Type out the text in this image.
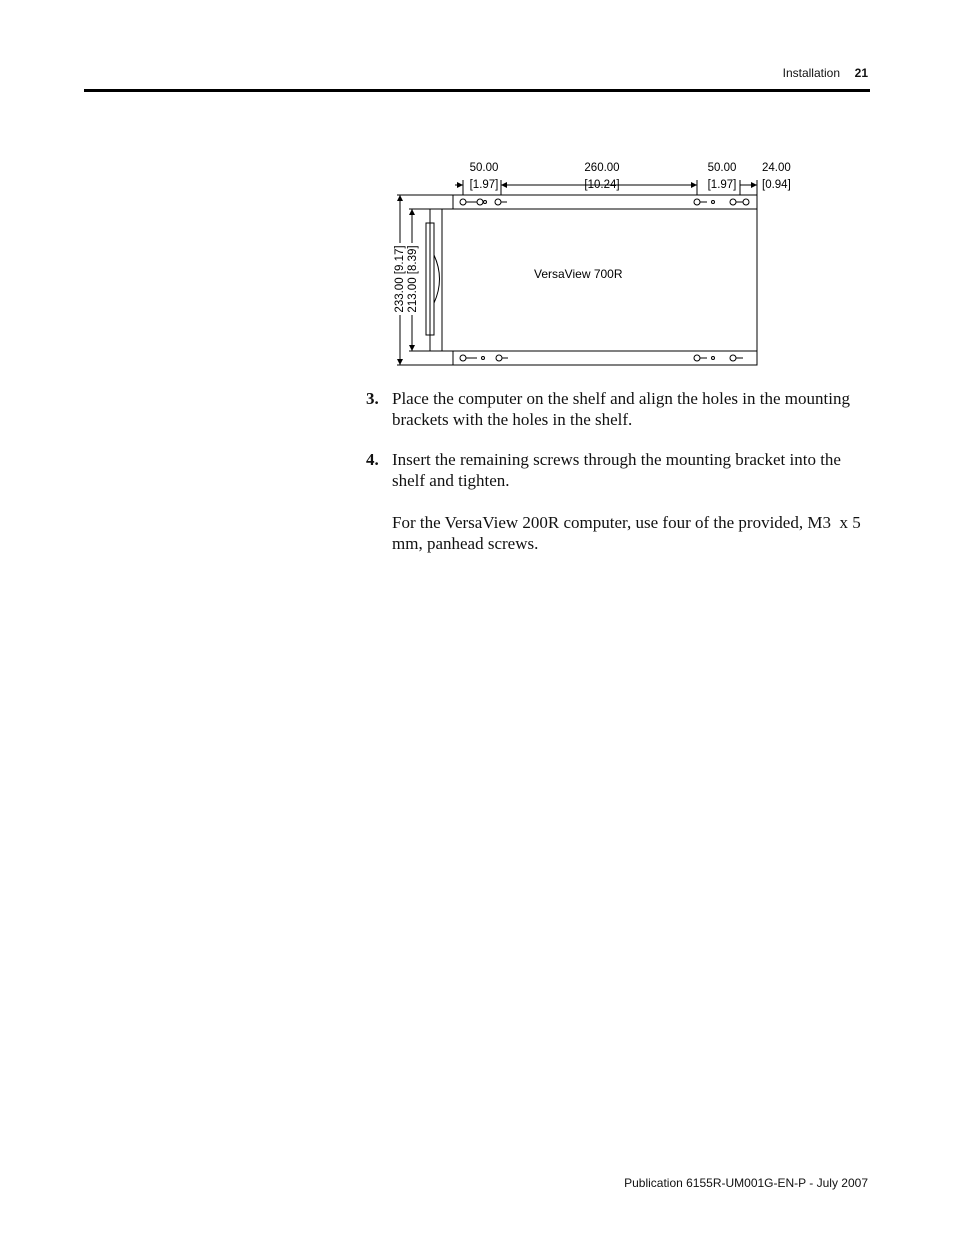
Installation	21
50.00
[1.97]
260.00
[10.24]
50.00
[1.97]
24.00
[0.94]
233.00 [9.17] 213.00 [8.39]	VersaView 700R
3. Place the computer on the shelf and align the holes in the mounting brackets with the holes in the shelf.

4. Insert the remaining screws through the mounting bracket into the shelf and tighten.

For the VersaView 200R computer, use four of the provided, M3  x 5 mm, panhead screws.

Publication 6155R-UM001G-EN-P - July 2007
